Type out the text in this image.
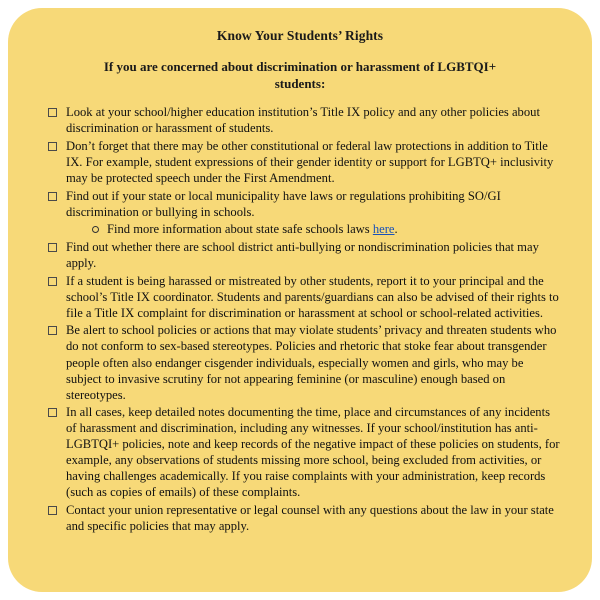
Know Your Students’ Rights
If you are concerned about discrimination or harassment of LGBTQI+ students:
Look at your school/higher education institution’s Title IX policy and any other policies about discrimination or harassment of students.
Don’t forget that there may be other constitutional or federal law protections in addition to Title IX. For example, student expressions of their gender identity or support for LGBTQ+ inclusivity may be protected speech under the First Amendment.
Find out if your state or local municipality have laws or regulations prohibiting SO/GI discrimination or bullying in schools.
Find more information about state safe schools laws here.
Find out whether there are school district anti-bullying or nondiscrimination policies that may apply.
If a student is being harassed or mistreated by other students, report it to your principal and the school’s Title IX coordinator. Students and parents/guardians can also be advised of their rights to file a Title IX complaint for discrimination or harassment at school or school-related activities.
Be alert to school policies or actions that may violate students’ privacy and threaten students who do not conform to sex-based stereotypes. Policies and rhetoric that stoke fear about transgender people often also endanger cisgender individuals, especially women and girls, who may be subject to invasive scrutiny for not appearing feminine (or masculine) enough based on stereotypes.
In all cases, keep detailed notes documenting the time, place and circumstances of any incidents of harassment and discrimination, including any witnesses. If your school/institution has anti-LGBTQI+ policies, note and keep records of the negative impact of these policies on students, for example, any observations of students missing more school, being excluded from activities, or having challenges academically. If you raise complaints with your administration, keep records (such as copies of emails) of these complaints.
Contact your union representative or legal counsel with any questions about the law in your state and specific policies that may apply.
